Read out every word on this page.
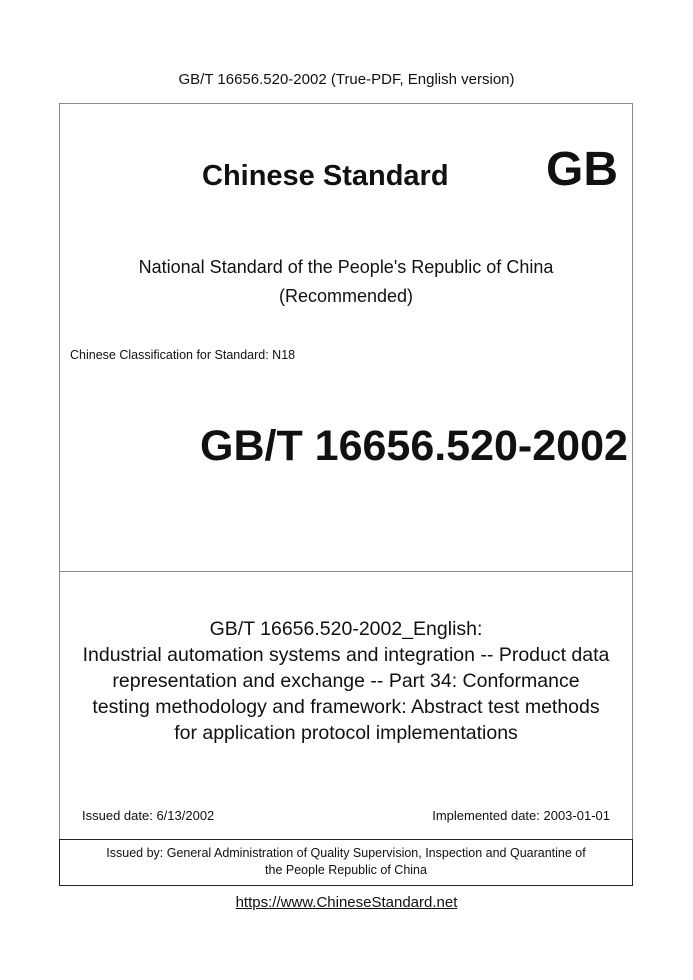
GB/T 16656.520-2002 (True-PDF, English version)
Chinese Standard GB
National Standard of the People's Republic of China
(Recommended)
Chinese Classification for Standard: N18
GB/T 16656.520-2002
GB/T 16656.520-2002_English:
Industrial automation systems and integration -- Product data
representation and exchange -- Part 34: Conformance
testing methodology and framework: Abstract test methods
for application protocol implementations
Issued date: 6/13/2002	Implemented date: 2003-01-01
Issued by: General Administration of Quality Supervision, Inspection and Quarantine of
the People Republic of China
https://www.ChineseStandard.net
